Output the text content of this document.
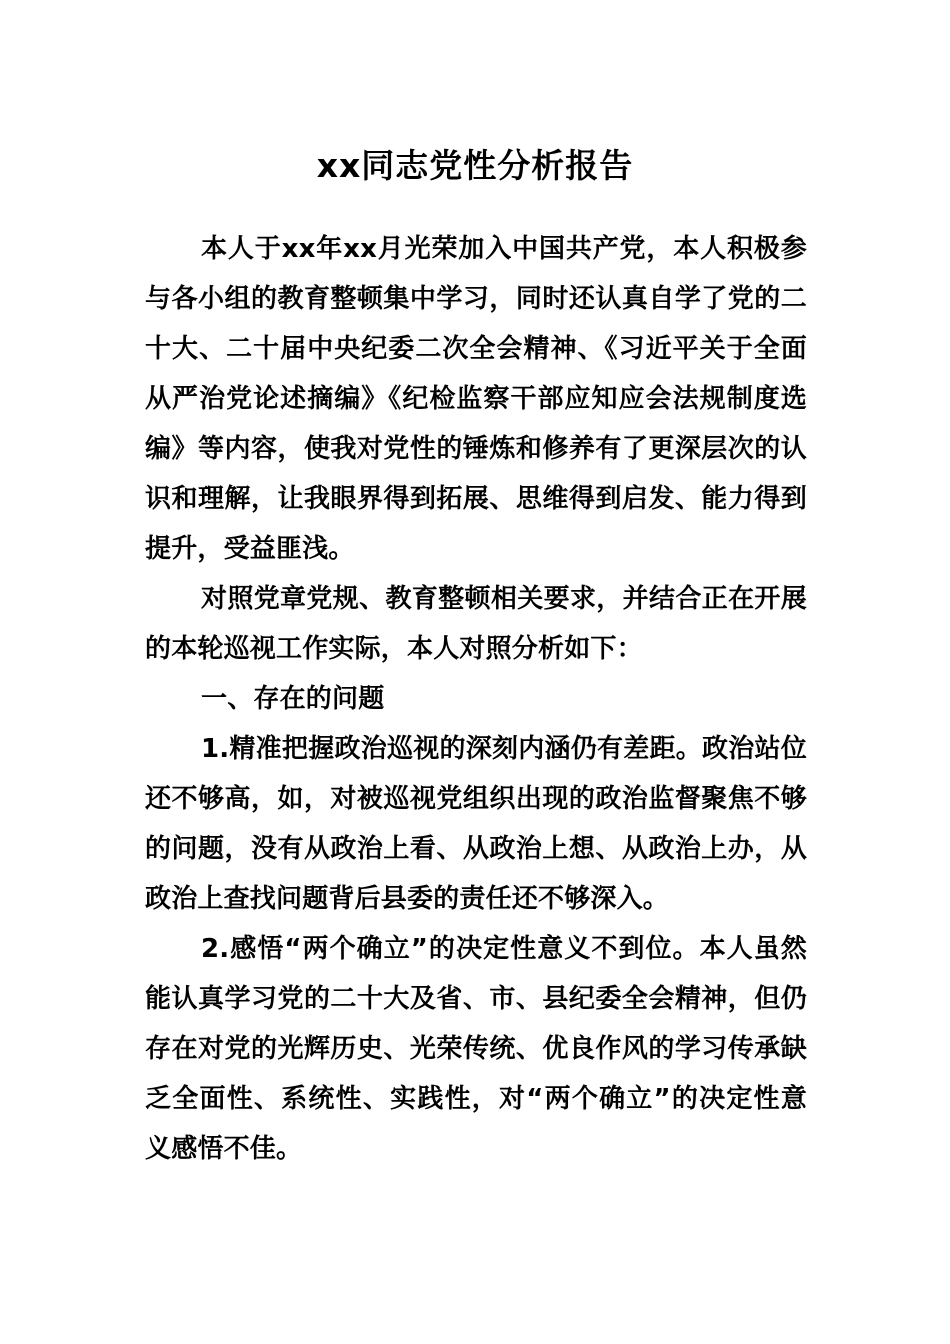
xx同志党性分析报告

本人于xx年xx月光荣加入中国共产党，本人积极参与各小组的教育整顿集中学习，同时还认真自学了党的二十大、二十届中央纪委二次全会精神、《习近平关于全面从严治党论述摘编》《纪检监察干部应知应会法规制度选编》等内容，使我对党性的锤炼和修养有了更深层次的认识和理解，让我眼界得到拓展、思维得到启发、能力得到提升，受益匪浅。

对照党章党规、教育整顿相关要求，并结合正在开展的本轮巡视工作实际，本人对照分析如下：

一、存在的问题

1.精准把握政治巡视的深刻内涵仍有差距。政治站位还不够高，如，对被巡视党组织出现的政治监督聚焦不够的问题，没有从政治上看、从政治上想、从政治上办，从政治上查找问题背后县委的责任还不够深入。

2.感悟“两个确立”的决定性意义不到位。本人虽然能认真学习党的二十大及省、市、县纪委全会精神，但仍存在对党的光辉历史、光荣传统、优良作风的学习传承缺乏全面性、系统性、实践性，对“两个确立”的决定性意义感悟不佳。
